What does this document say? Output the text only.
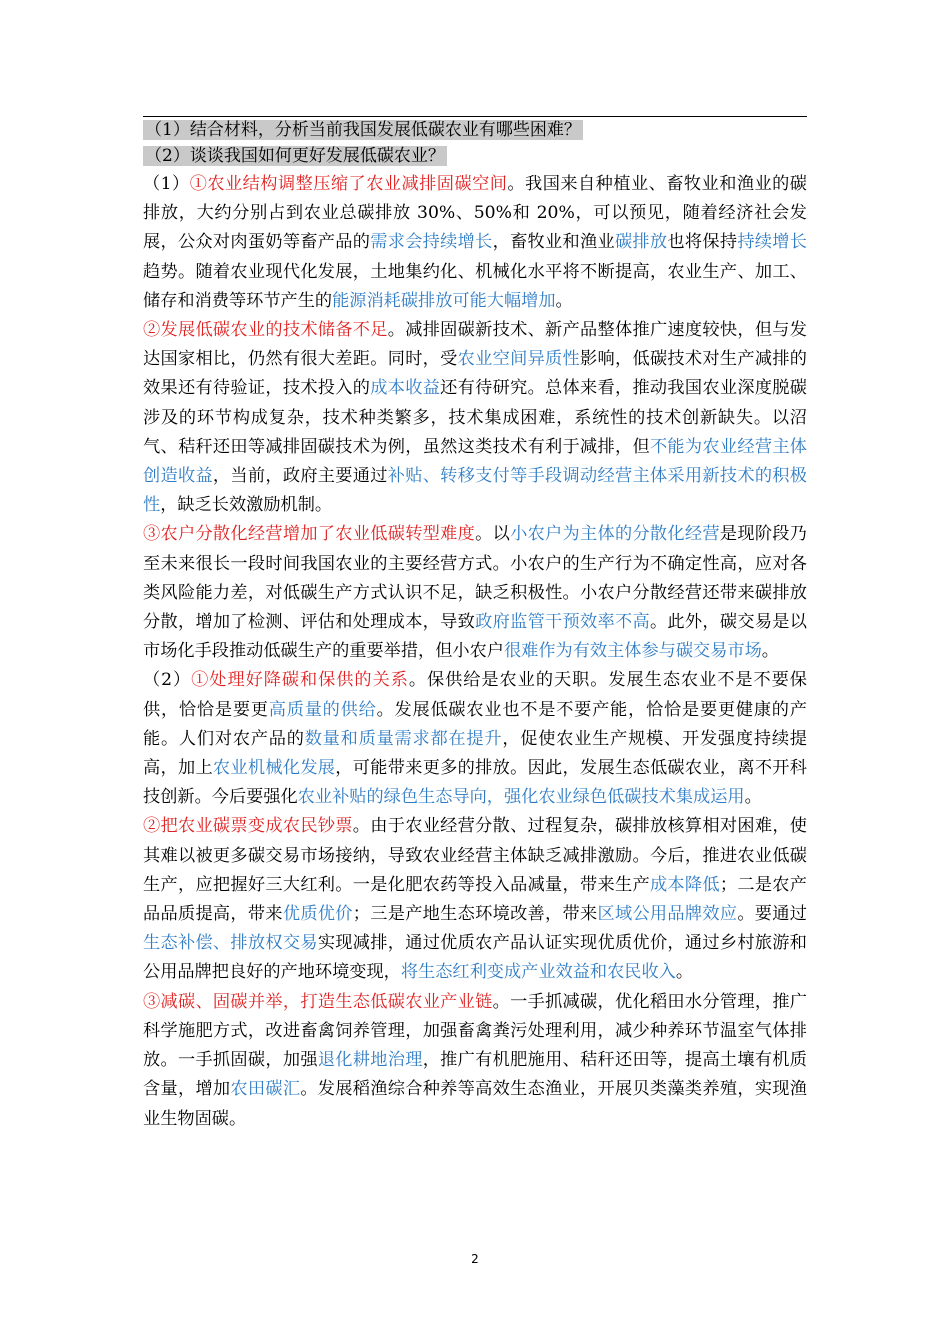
（1）结合材料，分析当前我国发展低碳农业有哪些困难？
（2）谈谈我国如何更好发展低碳农业？

（1）①农业结构调整压缩了农业减排固碳空间。我国来自种植业、畜牧业和渔业的碳排放，大约分别占到农业总碳排放 30%、50%和 20%，可以预见，随着经济社会发展，公众对肉蛋奶等畜产品的需求会持续增长，畜牧业和渔业碳排放也将保持持续增长趋势。随着农业现代化发展，土地集约化、机械化水平将不断提高，农业生产、加工、储存和消费等环节产生的能源消耗碳排放可能大幅增加。

②发展低碳农业的技术储备不足。减排固碳新技术、新产品整体推广速度较快，但与发达国家相比，仍然有很大差距。同时，受农业空间异质性影响，低碳技术对生产减排的效果还有待验证，技术投入的成本收益还有待研究。总体来看，推动我国农业深度脱碳涉及的环节构成复杂，技术种类繁多，技术集成困难，系统性的技术创新缺失。以沼气、秸秆还田等减排固碳技术为例，虽然这类技术有利于减排，但不能为农业经营主体创造收益，当前，政府主要通过补贴、转移支付等手段调动经营主体采用新技术的积极性，缺乏长效激励机制。

③农户分散化经营增加了农业低碳转型难度。以小农户为主体的分散化经营是现阶段乃至未来很长一段时间我国农业的主要经营方式。小农户的生产行为不确定性高，应对各类风险能力差，对低碳生产方式认识不足，缺乏积极性。小农户分散经营还带来碳排放分散，增加了检测、评估和处理成本，导致政府监管干预效率不高。此外，碳交易是以市场化手段推动低碳生产的重要举措，但小农户很难作为有效主体参与碳交易市场。

（2）①处理好降碳和保供的关系。保供给是农业的天职。发展生态农业不是不要保供，恰恰是要更高质量的供给。发展低碳农业也不是不要产能，恰恰是要更健康的产能。人们对农产品的数量和质量需求都在提升，促使农业生产规模、开发强度持续提高，加上农业机械化发展，可能带来更多的排放。因此，发展生态低碳农业，离不开科技创新。今后要强化农业补贴的绿色生态导向，强化农业绿色低碳技术集成运用。

②把农业碳票变成农民钞票。由于农业经营分散、过程复杂，碳排放核算相对困难，使其难以被更多碳交易市场接纳，导致农业经营主体缺乏减排激励。今后，推进农业低碳生产，应把握好三大红利。一是化肥农药等投入品减量，带来生产成本降低；二是农产品品质提高，带来优质优价；三是产地生态环境改善，带来区域公用品牌效应。要通过生态补偿、排放权交易实现减排，通过优质农产品认证实现优质优价，通过乡村旅游和公用品牌把良好的产地环境变现，将生态红利变成产业效益和农民收入。

③减碳、固碳并举，打造生态低碳农业产业链。一手抓减碳，优化稻田水分管理，推广科学施肥方式，改进畜禽饲养管理，加强畜禽粪污处理利用，减少种养环节温室气体排放。一手抓固碳，加强退化耕地治理，推广有机肥施用、秸秆还田等，提高土壤有机质含量，增加农田碳汇。发展稻渔综合种养等高效生态渔业，开展贝类藻类养殖，实现渔业生物固碳。

2
